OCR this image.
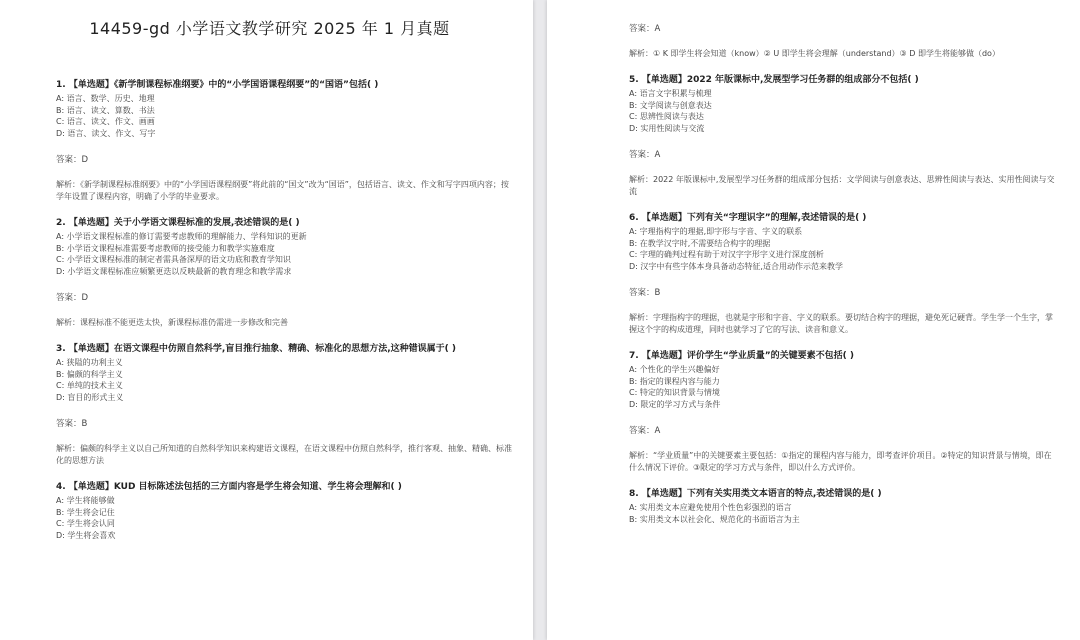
14459-gd 小学语文教学研究 2025 年 1 月真题

1. 【单选题】《新学制课程标准纲要》中的“小学国语课程纲要”的“国语”包括( )

A: 语言、数学、历史、地理

B: 语言、读文、算数、书法

C: 语言、读文、作文、画画

D: 语言、读文、作文、写字

答案：D

解析：《新学制课程标准纲要》中的“小学国语课程纲要”将此前的“国文”改为“国语”，包括语言、读文、作文和写字四项内容；按学年设置了课程内容，明确了小学的毕业要求。

2. 【单选题】关于小学语文课程标准的发展,表述错误的是( )

A: 小学语文课程标准的修订需要考虑教师的理解能力、学科知识的更新

B: 小学语文课程标准需要考虑教师的接受能力和教学实施难度

C: 小学语文课程标准的制定者需具备深厚的语文功底和教育学知识

D: 小学语文课程标准应频繁更迭以反映最新的教育理念和教学需求

答案：D

解析：课程标准不能更迭太快，新课程标准仍需进一步修改和完善

3. 【单选题】在语文课程中仿照自然科学,盲目推行抽象、精确、标准化的思想方法,这种错误属于( )

A: 狭隘的功利主义

B: 偏颇的科学主义

C: 单纯的技术主义

D: 盲目的形式主义

答案：B

解析：偏颇的科学主义以自己所知道的自然科学知识来构建语文课程，在语文课程中仿照自然科学，推行客观、抽象、精确、标准化的思想方法

4. 【单选题】KUD 目标陈述法包括的三方面内容是学生将会知道、学生将会理解和( )

A: 学生将能够做

B: 学生将会记住

C: 学生将会认同

D: 学生将会喜欢

答案：A

解析：① K 即学生将会知道（know）② U 即学生将会理解（understand）③ D 即学生将能够做（do）

5. 【单选题】2022 年版课标中,发展型学习任务群的组成部分不包括( )

A: 语言文字积累与梳理

B: 文学阅读与创意表达

C: 思辨性阅读与表达

D: 实用性阅读与交流

答案：A

解析：2022 年版课标中,发展型学习任务群的组成部分包括：文学阅读与创意表达、思辨性阅读与表达、实用性阅读与交流

6. 【单选题】下列有关“字理识字”的理解,表述错误的是( )

A: 字理指构字的理据,即字形与字音、字义的联系

B: 在教学汉字时,不需要结合构字的理据

C: 字理的确判过程有助于对汉字字形字义进行深度剖析

D: 汉字中有些字体本身具备动态特征,适合用动作示范来教学

答案：B

解析：字理指构字的理据，也就是字形和字音、字义的联系。要切结合构字的理据，避免死记硬背。学生学一个生字，掌握这个字的构成道理，同时也就学习了它的写法、读音和意义。

7. 【单选题】评价学生“学业质量”的关键要素不包括( )

A: 个性化的学生兴趣偏好

B: 指定的课程内容与能力

C: 特定的知识背景与情境

D: 限定的学习方式与条件

答案：A

解析：“学业质量”中的关键要素主要包括：①指定的课程内容与能力，即考查评价项目。②特定的知识背景与情境，即在什么情况下评价。③限定的学习方式与条件，即以什么方式评价。

8. 【单选题】下列有关实用类文本语言的特点,表述错误的是( )

A: 实用类文本应避免使用个性色彩强烈的语言

B: 实用类文本以社会化、规范化的书面语言为主
